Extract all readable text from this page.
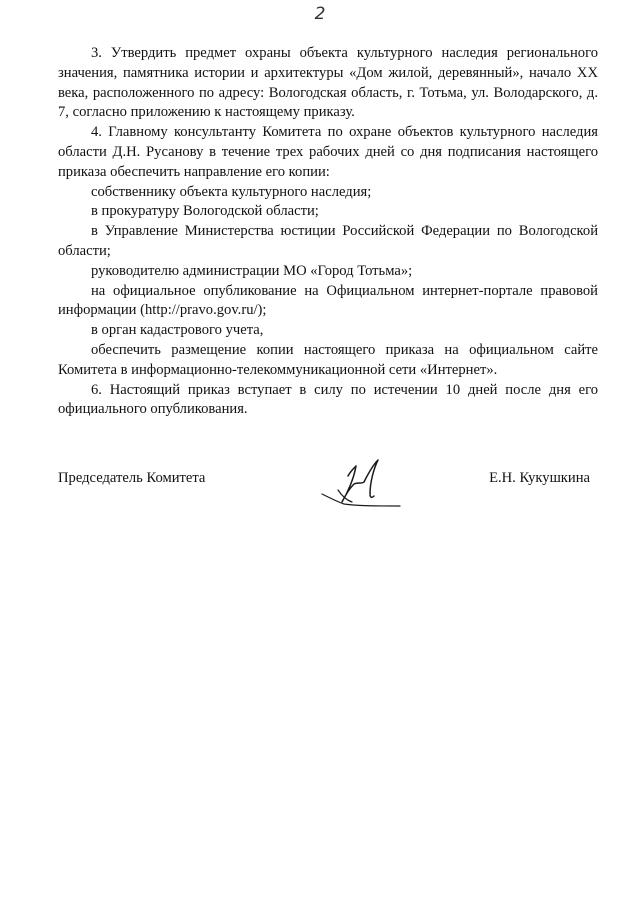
2

3. Утвердить предмет охраны объекта культурного наследия регионального значения, памятника истории и архитектуры «Дом жилой, деревянный», начало XX века, расположенного по адресу: Вологодская область, г. Тотьма, ул. Володарского, д. 7, согласно приложению к настоящему приказу.

4. Главному консультанту Комитета по охране объектов культурного наследия области Д.Н. Русанову в течение трех рабочих дней со дня подписания настоящего приказа обеспечить направление его копии:

собственнику объекта культурного наследия;

в прокуратуру Вологодской области;

в Управление Министерства юстиции Российской Федерации по Вологодской области;

руководителю администрации МО «Город Тотьма»;

на официальное опубликование на Официальном интернет-портале правовой информации (http://pravo.gov.ru/);

в орган кадастрового учета,

обеспечить размещение копии настоящего приказа на официальном сайте Комитета в информационно-телекоммуникационной сети «Интернет».

6. Настоящий приказ вступает в силу по истечении 10 дней после дня его официального опубликования.

Председатель Комитета	Е.Н. Кукушкина
